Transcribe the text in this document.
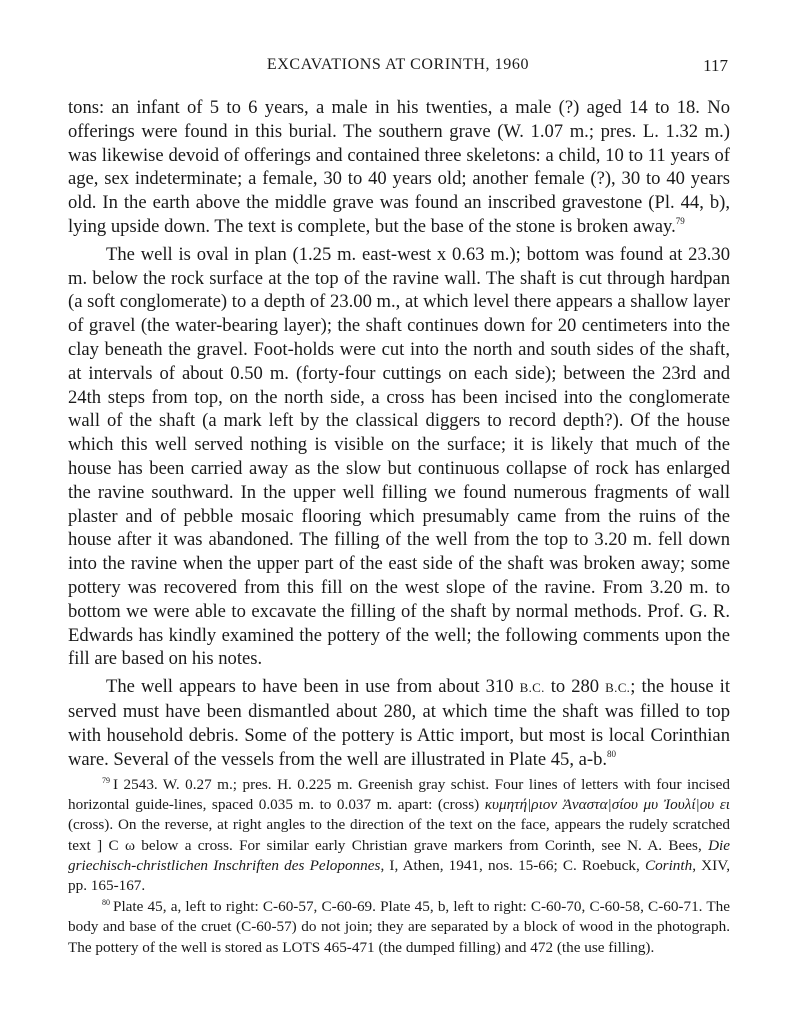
EXCAVATIONS AT CORINTH, 1960	117

tons: an infant of 5 to 6 years, a male in his twenties, a male (?) aged 14 to 18. No offerings were found in this burial. The southern grave (W. 1.07 m.; pres. L. 1.32 m.) was likewise devoid of offerings and contained three skeletons: a child, 10 to 11 years of age, sex indeterminate; a female, 30 to 40 years old; another female (?), 30 to 40 years old. In the earth above the middle grave was found an inscribed gravestone (Pl. 44, b), lying upside down. The text is complete, but the base of the stone is broken away.$^{79}$

The well is oval in plan (1.25 m. east-west x 0.63 m.); bottom was found at 23.30 m. below the rock surface at the top of the ravine wall. The shaft is cut through hardpan (a soft conglomerate) to a depth of 23.00 m., at which level there appears a shallow layer of gravel (the water-bearing layer); the shaft continues down for 20 centimeters into the clay beneath the gravel. Foot-holds were cut into the north and south sides of the shaft, at intervals of about 0.50 m. (forty-four cuttings on each side); between the 23rd and 24th steps from top, on the north side, a cross has been incised into the conglomerate wall of the shaft (a mark left by the classical diggers to record depth?). Of the house which this well served nothing is visible on the surface; it is likely that much of the house has been carried away as the slow but continuous collapse of rock has enlarged the ravine southward. In the upper well filling we found numerous fragments of wall plaster and of pebble mosaic flooring which presumably came from the ruins of the house after it was abandoned. The filling of the well from the top to 3.20 m. fell down into the ravine when the upper part of the east side of the shaft was broken away; some pottery was recovered from this fill on the west slope of the ravine. From 3.20 m. to bottom we were able to excavate the filling of the shaft by normal methods. Prof. G. R. Edwards has kindly examined the pottery of the well; the following comments upon the fill are based on his notes.

The well appears to have been in use from about 310 B.C. to 280 B.C.; the house it served must have been dismantled about 280, at which time the shaft was filled to top with household debris. Some of the pottery is Attic import, but most is local Corinthian ware. Several of the vessels from the well are illustrated in Plate 45, a-b.$^{80}$

$^{79}$ I 2543. W. 0.27 m.; pres. H. 0.225 m. Greenish gray schist. Four lines of letters with four incised horizontal guide-lines, spaced 0.035 m. to 0.037 m. apart: (cross) κυμητή|ριον Ἀναστα|σίου μυ Ἰουλί|ου ει (cross). On the reverse, at right angles to the direction of the text on the face, appears the rudely scratched text ] C ω below a cross. For similar early Christian grave markers from Corinth, see N. A. Bees, Die griechisch-christlichen Inschriften des Peloponnes, I, Athen, 1941, nos. 15-66; C. Roebuck, Corinth, XIV, pp. 165-167.

$^{80}$ Plate 45, a, left to right: C-60-57, C-60-69. Plate 45, b, left to right: C-60-70, C-60-58, C-60-71. The body and base of the cruet (C-60-57) do not join; they are separated by a block of wood in the photograph. The pottery of the well is stored as LOTS 465-471 (the dumped filling) and 472 (the use filling).
